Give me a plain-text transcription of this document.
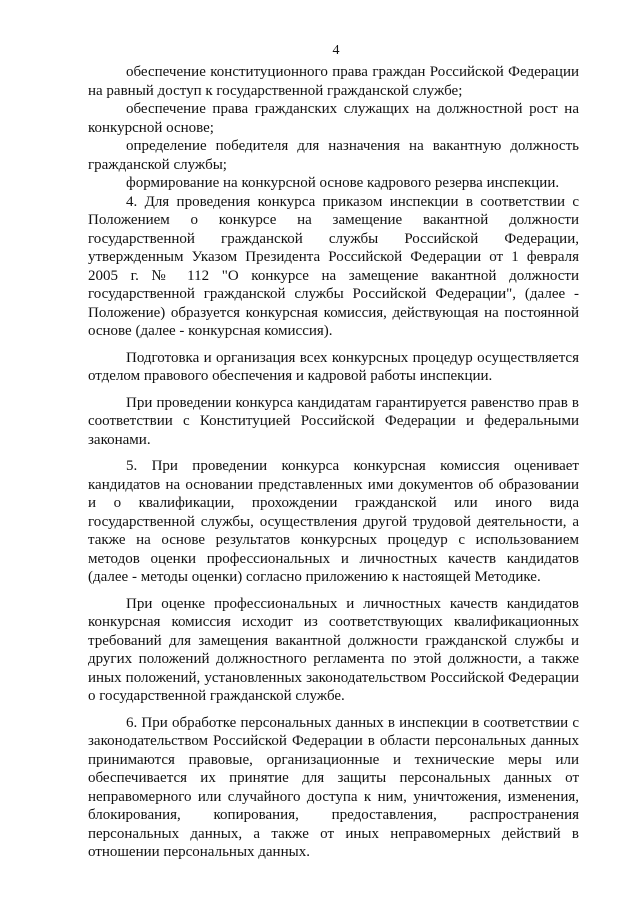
4

обеспечение конституционного права граждан Российской Федерации на равный доступ к государственной гражданской службе;

обеспечение права гражданских служащих на должностной рост на конкурсной основе;

определение победителя для назначения на вакантную должность гражданской службы;

формирование на конкурсной основе кадрового резерва инспекции.

4. Для проведения конкурса приказом инспекции в соответствии с Положением о конкурсе на замещение вакантной должности государственной гражданской службы Российской Федерации, утвержденным Указом Президента Российской Федерации от 1 февраля 2005 г. № 112 "О конкурсе на замещение вакантной должности государственной гражданской службы Российской Федерации", (далее - Положение) образуется конкурсная комиссия, действующая на постоянной основе (далее - конкурсная комиссия).

Подготовка и организация всех конкурсных процедур осуществляется отделом правового обеспечения и кадровой работы инспекции.

При проведении конкурса кандидатам гарантируется равенство прав в соответствии с Конституцией Российской Федерации и федеральными законами.

5. При проведении конкурса конкурсная комиссия оценивает кандидатов на основании представленных ими документов об образовании и о квалификации, прохождении гражданской или иного вида государственной службы, осуществления другой трудовой деятельности, а также на основе результатов конкурсных процедур с использованием методов оценки профессиональных и личностных качеств кандидатов (далее - методы оценки) согласно приложению к настоящей Методике.

При оценке профессиональных и личностных качеств кандидатов конкурсная комиссия исходит из соответствующих квалификационных требований для замещения вакантной должности гражданской службы и других положений должностного регламента по этой должности, а также иных положений, установленных законодательством Российской Федерации о государственной гражданской службе.

6. При обработке персональных данных в инспекции в соответствии с законодательством Российской Федерации в области персональных данных принимаются правовые, организационные и технические меры или обеспечивается их принятие для защиты персональных данных от неправомерного или случайного доступа к ним, уничтожения, изменения, блокирования, копирования, предоставления, распространения персональных данных, а также от иных неправомерных действий в отношении персональных данных.
